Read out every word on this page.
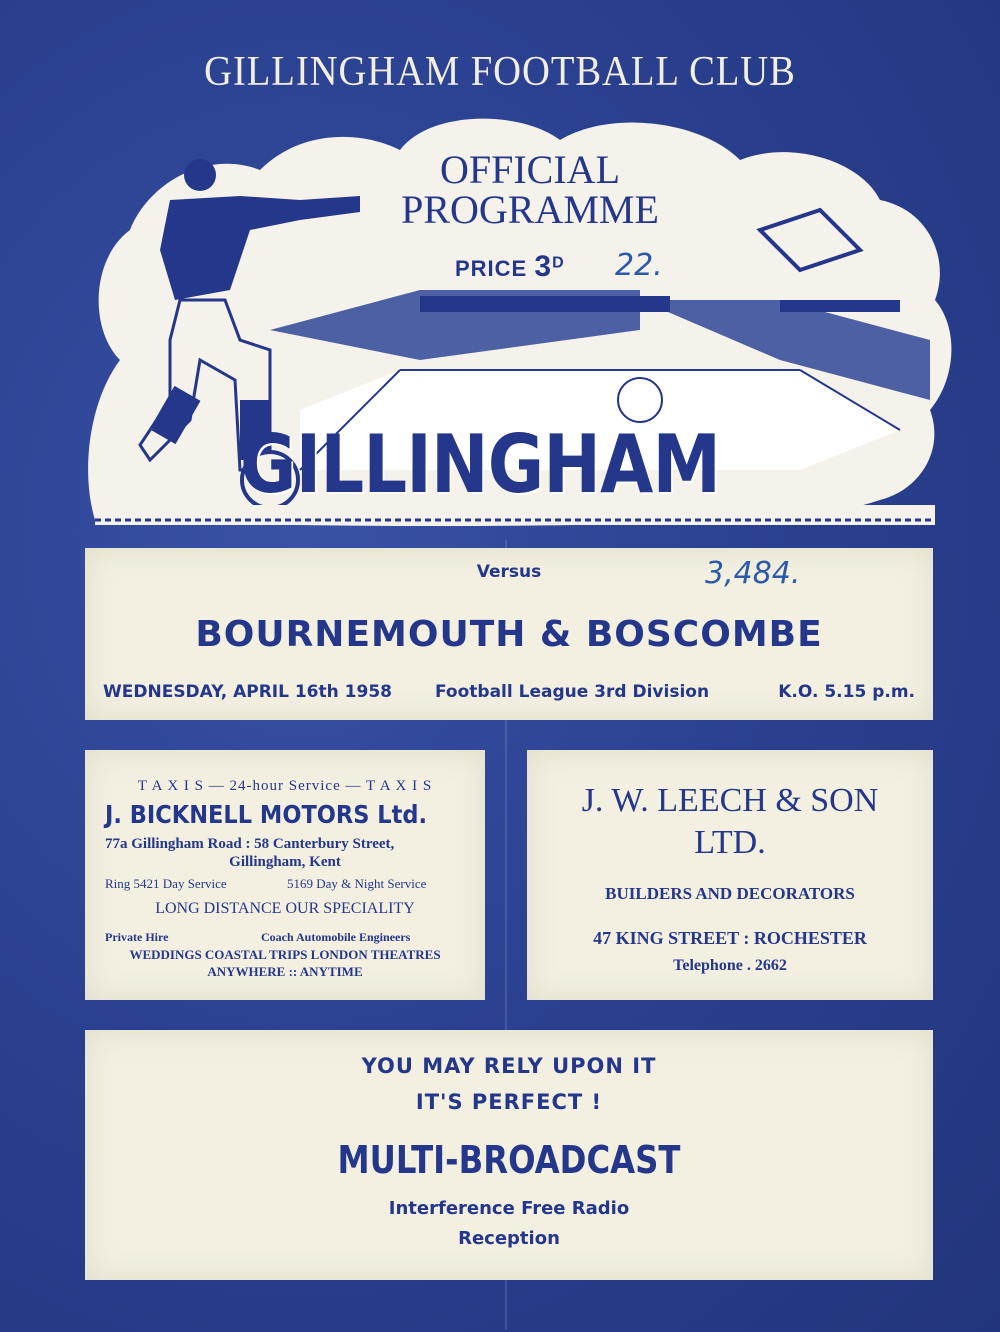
GILLINGHAM FOOTBALL CLUB
OFFICIAL
PROGRAMME
PRICE $3^D$ 22.
GILLINGHAM
Versus	3,484.
BOURNEMOUTH & BOSCOMBE
WEDNESDAY, APRIL 16th 1958	Football League 3rd Division	K.O. 5.15 p.m.
T A X I S — 24-hour Service — T A X I S
J. BICKNELL MOTORS Ltd.
77a Gillingham Road : 58 Canterbury Street,
Gillingham, Kent
Ring 5421 Day Service	5169 Day & Night Service
LONG DISTANCE OUR SPECIALITY
Private Hire	Coach Automobile Engineers
WEDDINGS COASTAL TRIPS LONDON THEATRES
ANYWHERE :: ANYTIME
J. W. LEECH & SON
LTD.
BUILDERS AND DECORATORS
47 KING STREET : ROCHESTER
Telephone . 2662
YOU MAY RELY UPON IT
IT'S PERFECT !
MULTI-BROADCAST
Interference Free Radio
Reception
